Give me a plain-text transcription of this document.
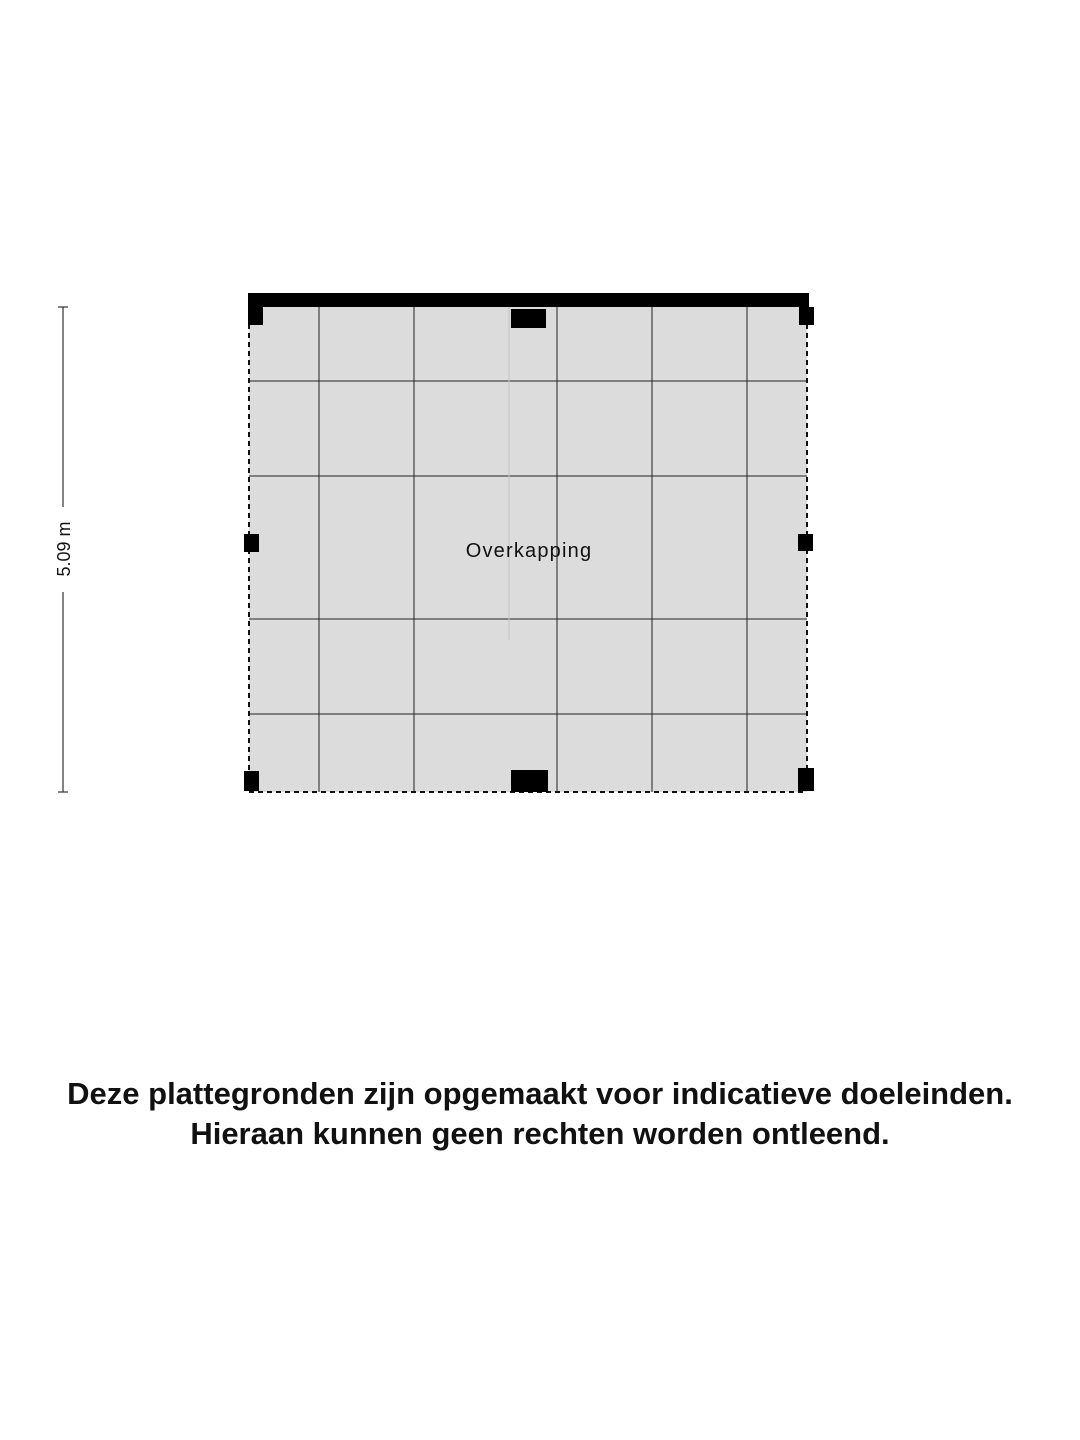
Overkapping
5.09 m
Deze plattegronden zijn opgemaakt voor indicatieve doeleinden.
Hieraan kunnen geen rechten worden ontleend.
